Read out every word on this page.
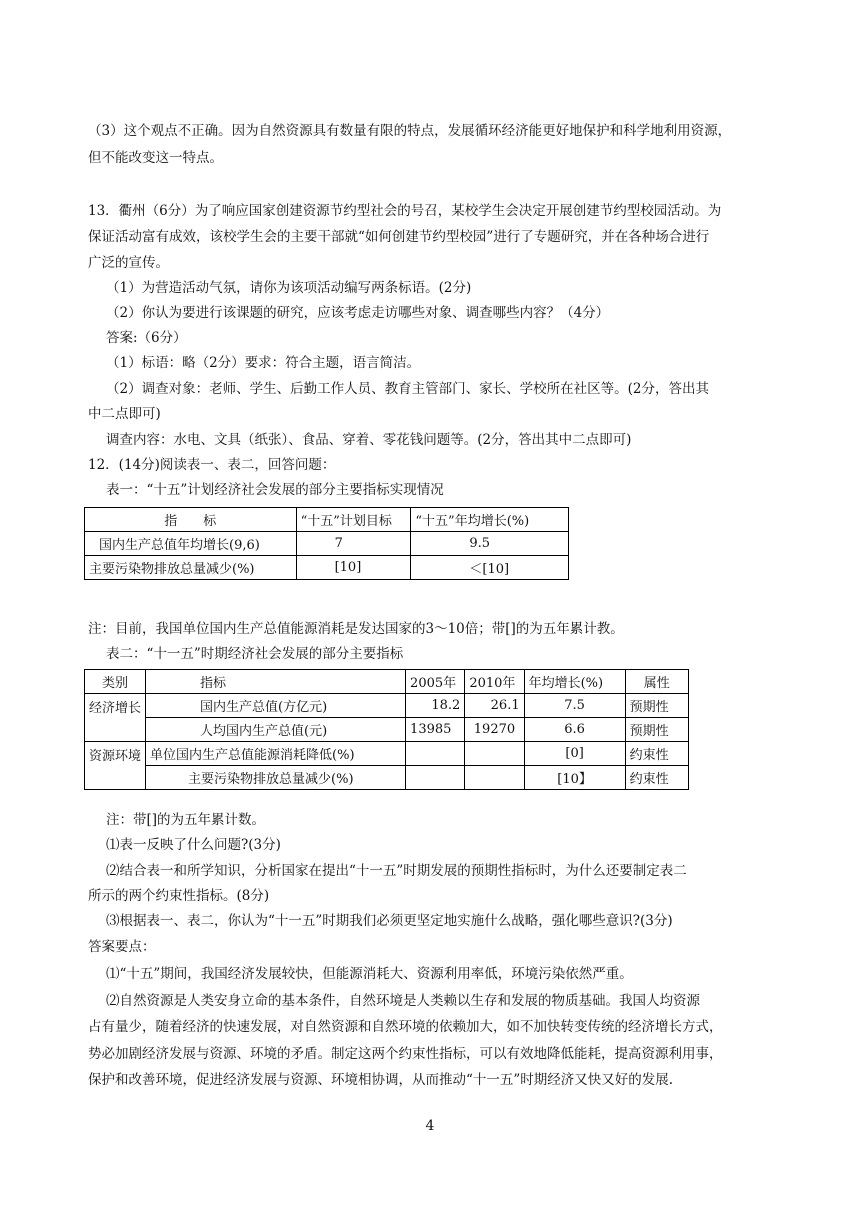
（3）这个观点不正确。因为自然资源具有数量有限的特点，发展循环经济能更好地保护和科学地利用资源，
但不能改变这一特点。
13．衢州（6分）为了响应国家创建资源节约型社会的号召，某校学生会决定开展创建节约型校园活动。为
保证活动富有成效，该校学生会的主要干部就“如何创建节约型校园”进行了专题研究，并在各种场合进行
广泛的宣传。
（1）为营造活动气氛，请你为该项活动编写两条标语。(2分)
（2）你认为要进行该课题的研究，应该考虑走访哪些对象、调查哪些内容？（4分）
答案:（6分）
（1）标语：略（2分）要求：符合主题，语言简洁。
（2）调查对象：老师、学生、后勤工作人员、教育主管部门、家长、学校所在社区等。(2分，答出其
中二点即可)
调查内容：水电、文具（纸张）、食品、穿着、零花钱问题等。(2分，答出其中二点即可)
12．(14分)阅读表一、表二，回答问题：
表一：“十五”计划经济社会发展的部分主要指标实现情况
指　　标	“十五”计划目标	“十五”年均增长(%)
国内生产总值年均增长(9,6)	7	9.5
主要污染物排放总量减少(%)	[10]	＜[10]
注：目前，我国单位国内生产总值能源消耗是发达国家的3～10倍；带[]的为五年累计教。
表二：“十一五”时期经济社会发展的部分主要指标
类别	指标	2005年	2010年	年均增长(%)	属性
经济增长	国内生产总值(方亿元)	18.2	26.1	7.5	预期性
	人均国内生产总值(元)	13985	19270	6.6	预期性
资源环境	单位国内生产总值能源消耗降低(%)			[0]	约束性
	主要污染物排放总量减少(%)			[10】	约束性
注：带[]的为五年累计数。
⑴表一反映了什么问题?(3分)
⑵结合表一和所学知识，分析国家在提出“十一五”时期发展的预期性指标时，为什么还要制定表二
所示的两个约束性指标。(8分)
⑶根据表一、表二，你认为“十一五”时期我们必须更坚定地实施什么战略，强化哪些意识?(3分)
答案要点：
⑴“十五”期间，我国经济发展较快，但能源消耗大、资源利用率低，环境污染依然严重。
⑵自然资源是人类安身立命的基本条件，自然环境是人类赖以生存和发展的物质基础。我国人均资源
占有量少，随着经济的快速发展，对自然资源和自然环境的依赖加大，如不加快转变传统的经济增长方式，
势必加剧经济发展与资源、环境的矛盾。制定这两个约束性指标，可以有效地降低能耗，提高资源利用事，
保护和改善环境，促进经济发展与资源、环境相协调，从而推动“十一五”时期经济又快又好的发展.
4
